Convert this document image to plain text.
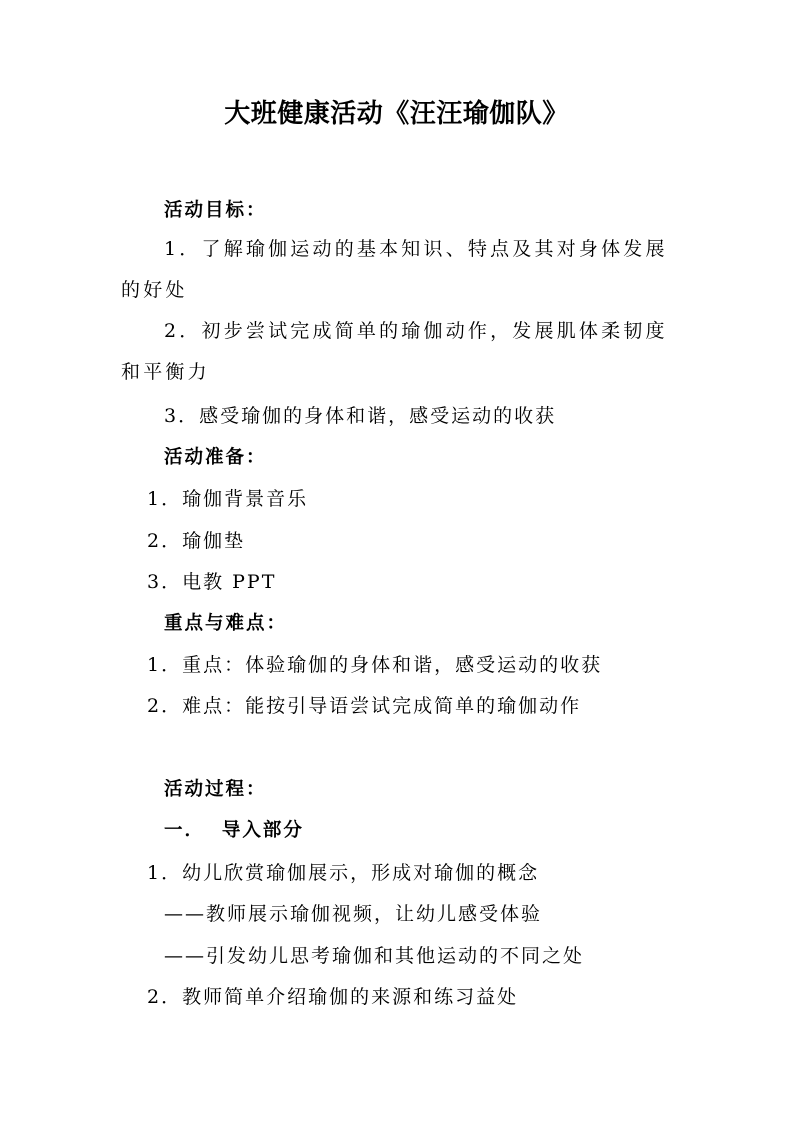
大班健康活动《汪汪瑜伽队》
活动目标：
1．了解瑜伽运动的基本知识、特点及其对身体发展的好处
2．初步尝试完成简单的瑜伽动作，发展肌体柔韧度和平衡力
3．感受瑜伽的身体和谐，感受运动的收获
活动准备：
1．瑜伽背景音乐
2．瑜伽垫
3．电教 PPT
重点与难点：
1．重点：体验瑜伽的身体和谐，感受运动的收获
2．难点：能按引导语尝试完成简单的瑜伽动作
活动过程：
一．  导入部分
1．幼儿欣赏瑜伽展示，形成对瑜伽的概念
——教师展示瑜伽视频，让幼儿感受体验
——引发幼儿思考瑜伽和其他运动的不同之处
2．教师简单介绍瑜伽的来源和练习益处
